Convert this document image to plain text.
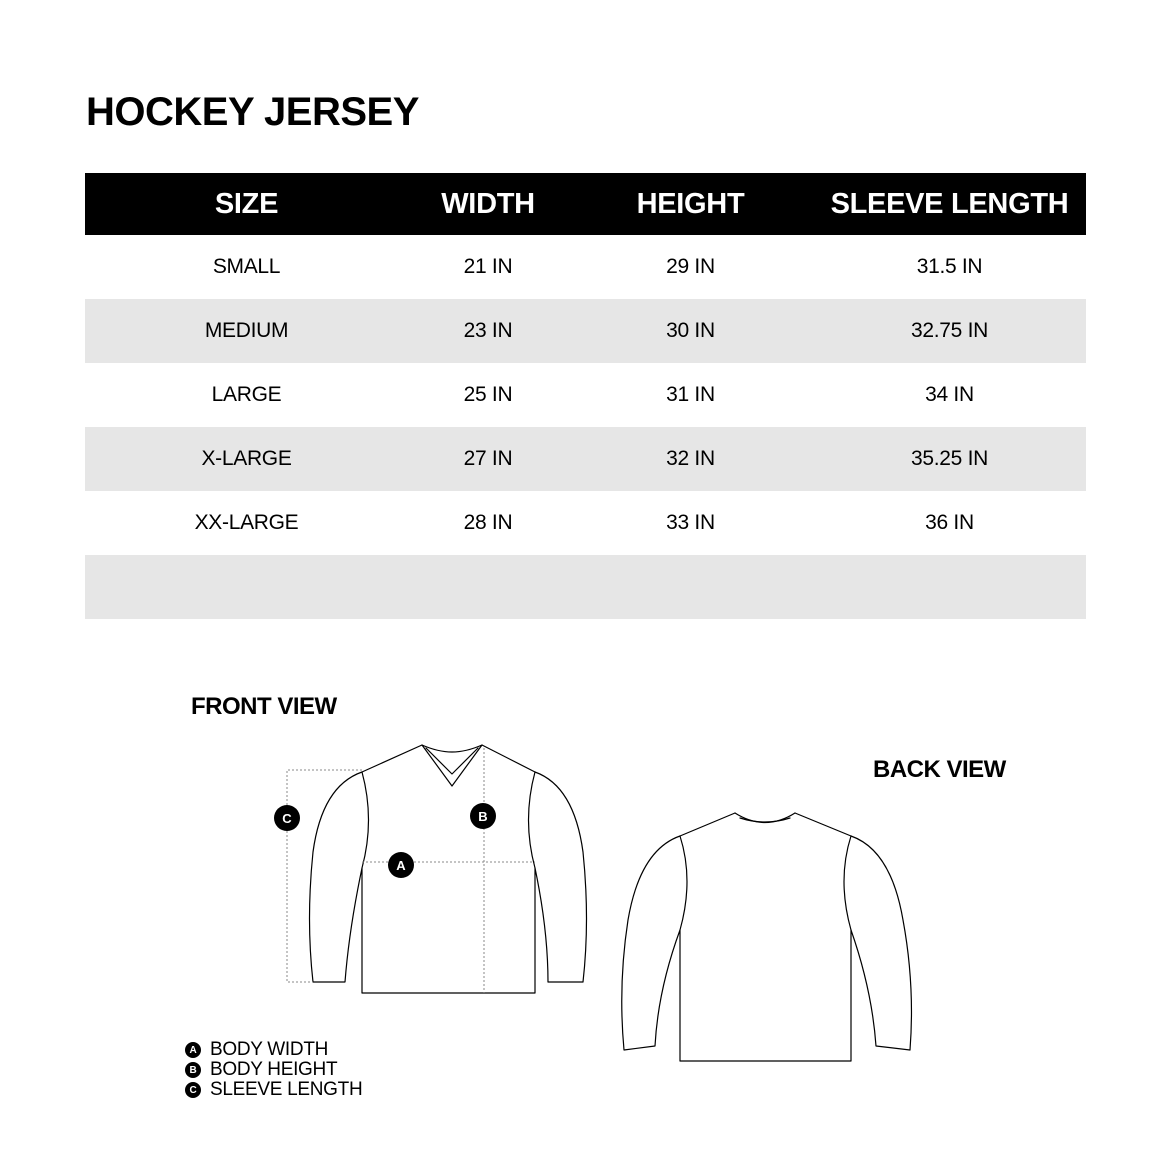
HOCKEY JERSEY
SIZE	WIDTH	HEIGHT	SLEEVE LENGTH
SMALL	21 IN	29 IN	31.5 IN
MEDIUM	23 IN	30 IN	32.75 IN
LARGE	25 IN	31 IN	34 IN
X-LARGE	27 IN	32 IN	35.25 IN
XX-LARGE	28 IN	33 IN	36 IN

FRONT VIEW
A
B
C
BACK VIEW
A BODY WIDTH
B BODY HEIGHT
C SLEEVE LENGTH
